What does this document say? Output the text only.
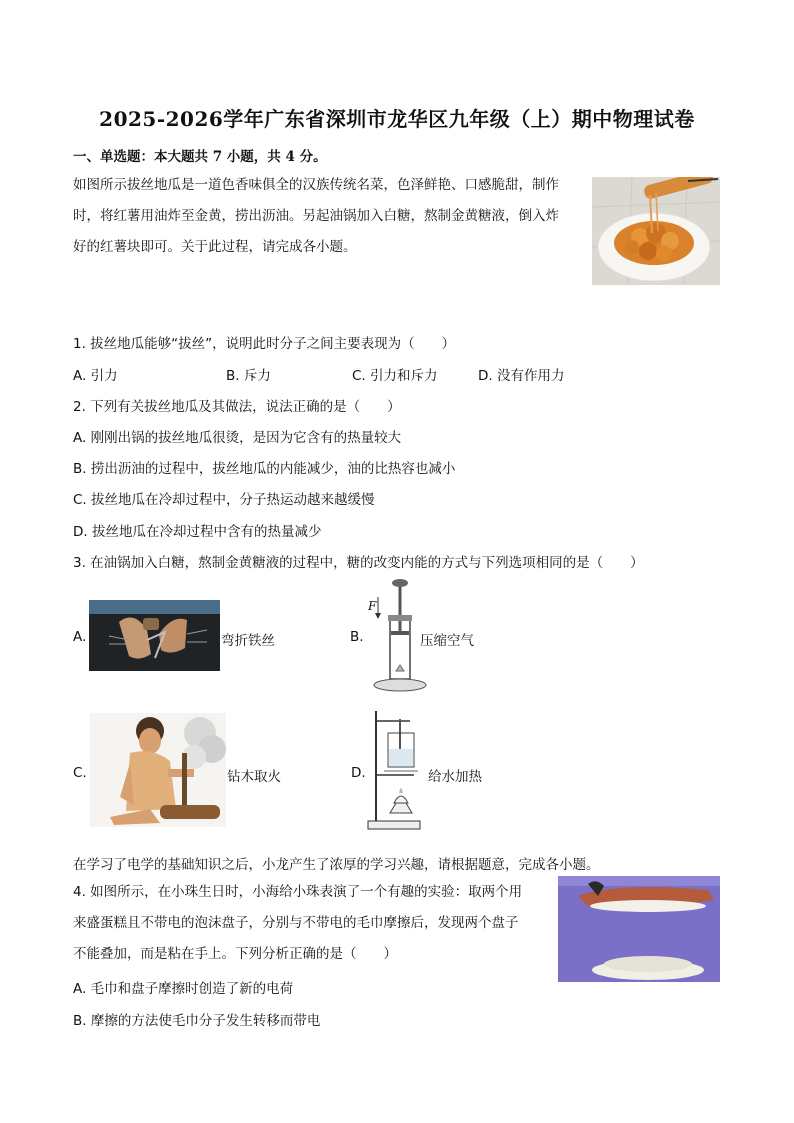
2025-2026学年广东省深圳市龙华区九年级（上）期中物理试卷
一、单选题：本大题共 7 小题，共 4 分。
如图所示拔丝地瓜是一道色香味俱全的汉族传统名菜，色泽鲜艳、口感脆甜，制作
时，将红薯用油炸至金黄，捞出沥油。另起油锅加入白糖，熬制金黄糖液，倒入炸
好的红薯块即可。关于此过程，请完成各小题。
1. 拔丝地瓜能够“拔丝”，说明此时分子之间主要表现为（　　）
A. 引力	B. 斥力	C. 引力和斥力	D. 没有作用力
2. 下列有关拔丝地瓜及其做法，说法正确的是（　　）
A. 刚刚出锅的拔丝地瓜很烫，是因为它含有的热量较大
B. 捞出沥油的过程中，拔丝地瓜的内能减少，油的比热容也减小
C. 拔丝地瓜在冷却过程中，分子热运动越来越缓慢
D. 拔丝地瓜在冷却过程中含有的热量减少
3. 在油锅加入白糖，熬制金黄糖液的过程中，糖的改变内能的方式与下列选项相同的是（　　）
A.	弯折铁丝	B.
F
压缩空气
C.	钻木取火	D.	给水加热
在学习了电学的基础知识之后，小龙产生了浓厚的学习兴趣，请根据题意，完成各小题。
4. 如图所示，在小珠生日时，小海给小珠表演了一个有趣的实验：取两个用
来盛蛋糕且不带电的泡沫盘子，分别与不带电的毛巾摩擦后，发现两个盘子
不能叠加，而是粘在手上。下列分析正确的是（　　）
A. 毛巾和盘子摩擦时创造了新的电荷
B. 摩擦的方法使毛巾分子发生转移而带电
